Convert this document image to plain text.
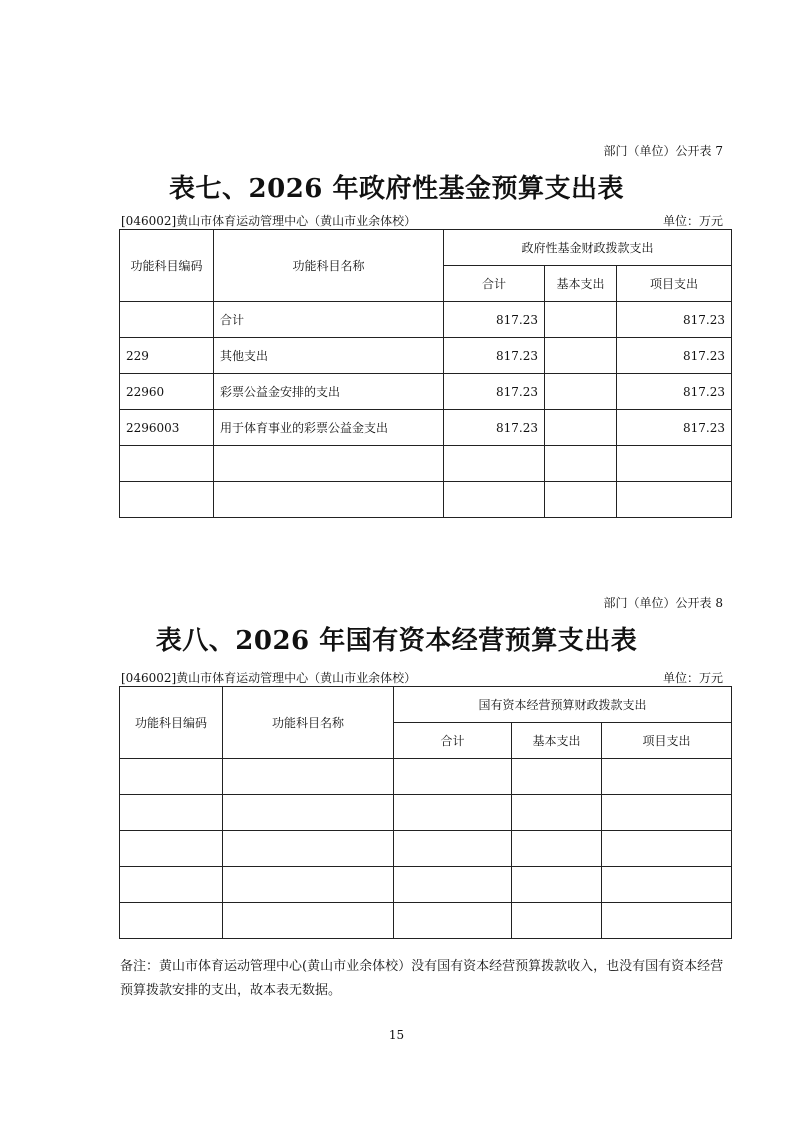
部门（单位）公开表 7
表七、2026 年政府性基金预算支出表
[046002]黄山市体育运动管理中心（黄山市业余体校）	单位：万元
功能科目编码	功能科目名称	政府性基金财政拨款支出		
		合计	基本支出	项目支出
	合计	817.23		817.23
229	其他支出	817.23		817.23
22960	彩票公益金安排的支出	817.23		817.23
2296003	用于体育事业的彩票公益金支出	817.23		817.23

部门（单位）公开表 8
表八、2026 年国有资本经营预算支出表
[046002]黄山市体育运动管理中心（黄山市业余体校）	单位：万元
功能科目编码	功能科目名称	国有资本经营预算财政拨款支出		
		合计	基本支出	项目支出

备注：黄山市体育运动管理中心(黄山市业余体校）没有国有资本经营预算拨款收入，也没有国有资本经营预算拨款安排的支出，故本表无数据。
15
